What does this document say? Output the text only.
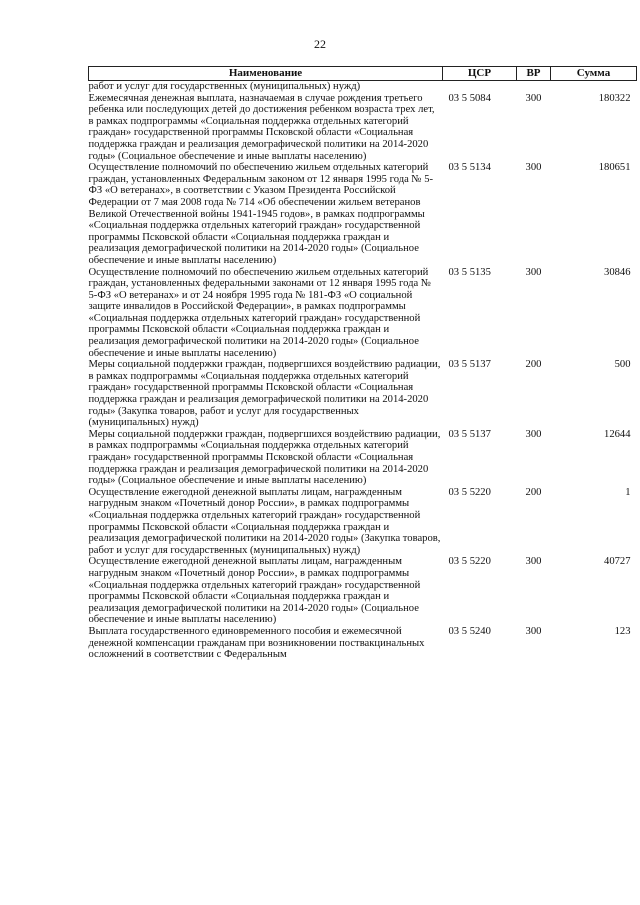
22
Наименование	ЦСР	ВР	Сумма
работ и услуг для государственных (муниципальных) нужд)			
Ежемесячная денежная выплата, назначаемая в случае рождения третьего ребенка или последующих детей до достижения ребенком возраста трех лет, в рамках подпрограммы «Социальная поддержка отдельных категорий граждан» государственной программы Псковской области «Социальная поддержка граждан и реализация демографической политики на 2014-2020 годы» (Социальное обеспечение и иные выплаты населению)	03 5 5084	300	180322
Осуществление полномочий по обеспечению жильем отдельных категорий граждан, установленных Федеральным законом от 12 января 1995 года № 5-ФЗ «О ветеранах», в соответствии с Указом Президента Российской Федерации от 7 мая 2008 года № 714 «Об обеспечении жильем ветеранов Великой Отечественной войны 1941-1945 годов», в рамках подпрограммы «Социальная поддержка отдельных категорий граждан» государственной программы Псковской области «Социальная поддержка граждан и реализация демографической политики на 2014-2020 годы» (Социальное обеспечение и иные выплаты населению)	03 5 5134	300	180651
Осуществление полномочий по обеспечению жильем отдельных категорий граждан, установленных федеральными законами от 12 января 1995 года № 5-ФЗ «О ветеранах» и от 24 ноября 1995 года № 181-ФЗ «О социальной защите инвалидов в Российской Федерации», в рамках подпрограммы «Социальная поддержка отдельных категорий граждан» государственной программы Псковской области «Социальная поддержка граждан и реализация демографической политики на 2014-2020 годы» (Социальное обеспечение и иные выплаты населению)	03 5 5135	300	30846
Меры социальной поддержки граждан, подвергшихся воздействию радиации, в рамках подпрограммы «Социальная поддержка отдельных категорий граждан» государственной программы Псковской области «Социальная поддержка граждан и реализация демографической политики на 2014-2020 годы» (Закупка товаров, работ и услуг для государственных (муниципальных) нужд)	03 5 5137	200	500
Меры социальной поддержки граждан, подвергшихся воздействию радиации, в рамках подпрограммы «Социальная поддержка отдельных категорий граждан» государственной программы Псковской области «Социальная поддержка граждан и реализация демографической политики на 2014-2020 годы» (Социальное обеспечение и иные выплаты населению)	03 5 5137	300	12644
Осуществление ежегодной денежной выплаты лицам, награжденным нагрудным знаком «Почетный донор России», в рамках подпрограммы «Социальная поддержка отдельных категорий граждан» государственной программы Псковской области «Социальная поддержка граждан и реализация демографической политики на 2014-2020 годы» (Закупка товаров, работ и услуг для государственных (муниципальных) нужд)	03 5 5220	200	1
Осуществление ежегодной денежной выплаты лицам, награжденным нагрудным знаком «Почетный донор России», в рамках подпрограммы «Социальная поддержка отдельных категорий граждан» государственной программы Псковской области «Социальная поддержка граждан и реализация демографической политики на 2014-2020 годы» (Социальное обеспечение и иные выплаты населению)	03 5 5220	300	40727
Выплата государственного единовременного пособия и ежемесячной денежной компенсации гражданам при возникновении поствакцинальных осложнений в соответствии с Федеральным	03 5 5240	300	123
